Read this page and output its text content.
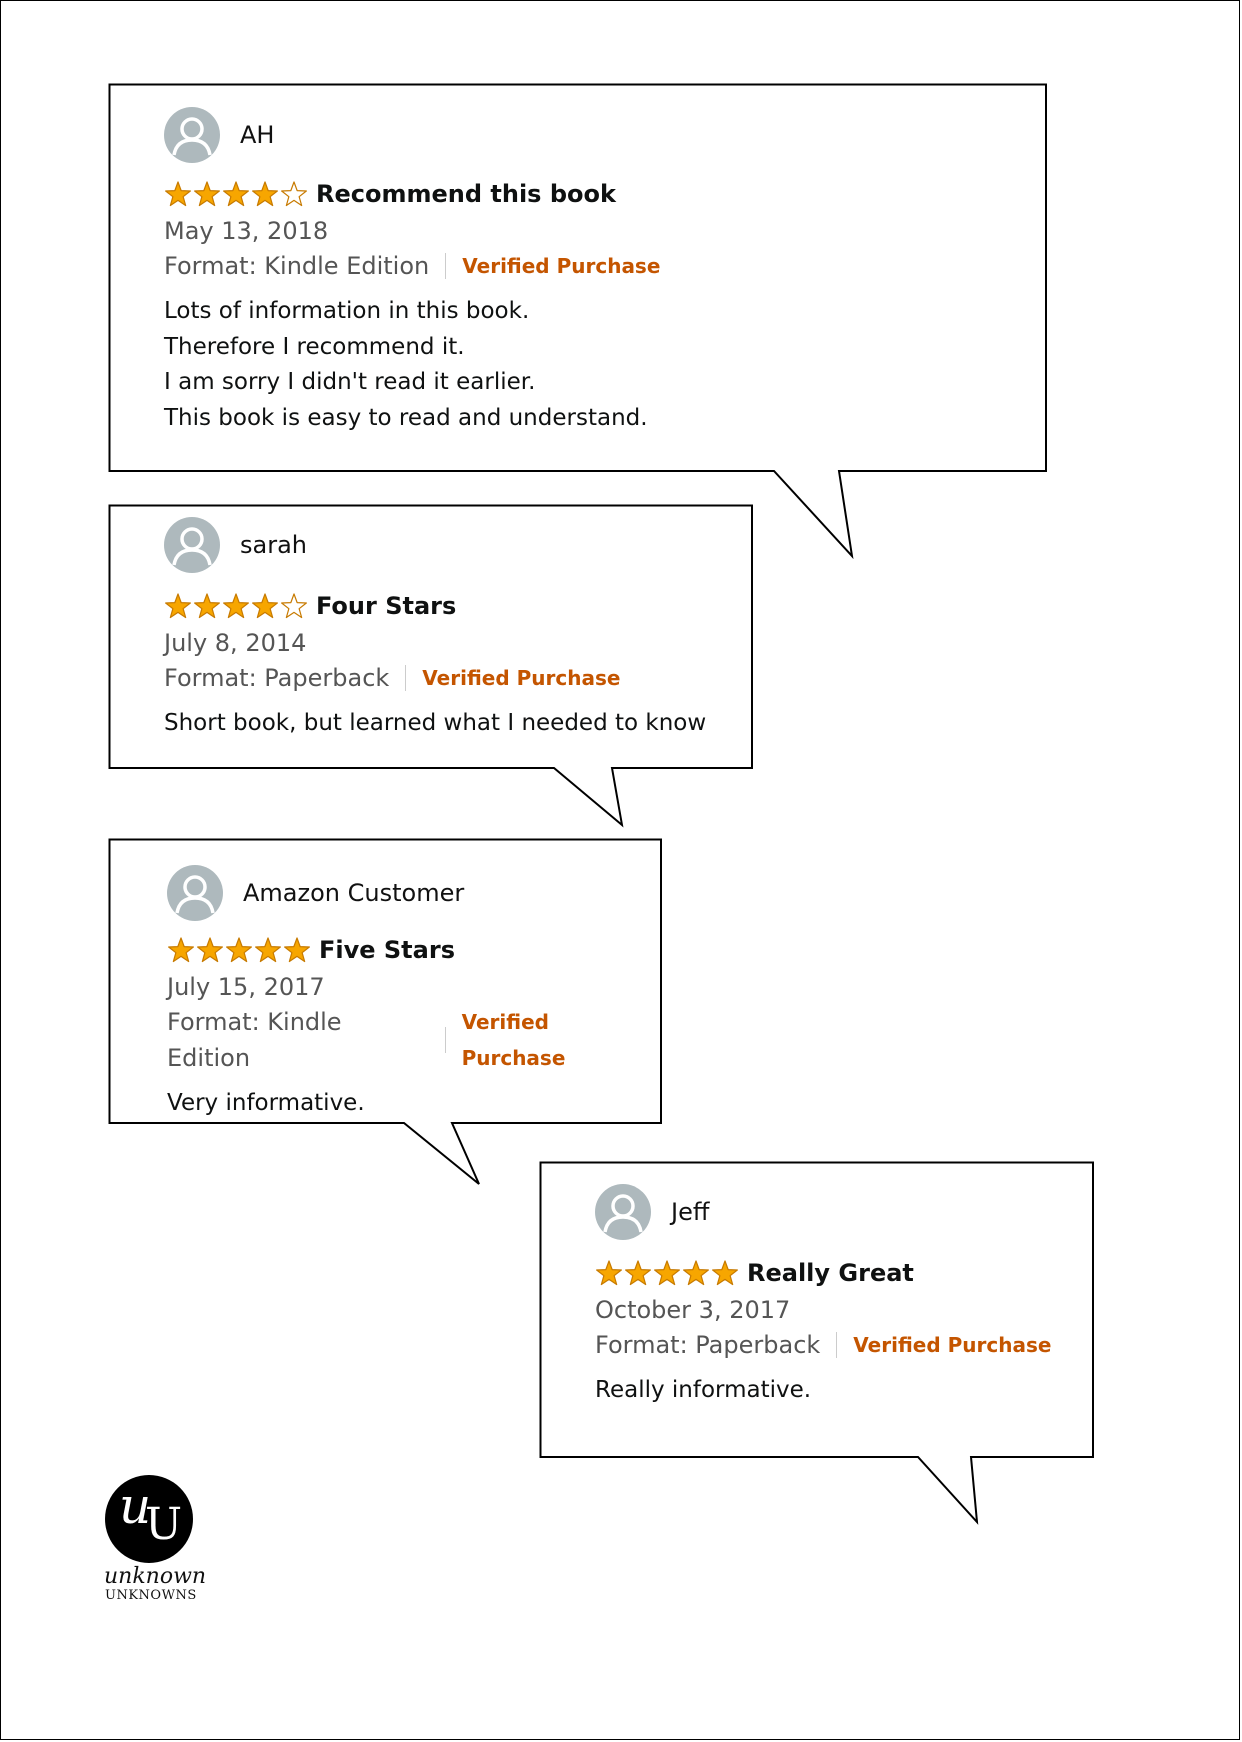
AH
Recommend this book
May 13, 2018
Format: Kindle Edition Verified Purchase
Lots of information in this book.
Therefore I recommend it.
I am sorry I didn't read it earlier.
This book is easy to read and understand.
sarah
Four Stars
July 8, 2014
Format: Paperback Verified Purchase
Short book, but learned what I needed to know
Amazon Customer
Five Stars
July 15, 2017
Format: Kindle Edition
Verified Purchase
Very informative.
Jeff
Really Great
October 3, 2017
Format: Paperback Verified Purchase
Really informative.
u
U
unknown
UNKNOWNS
